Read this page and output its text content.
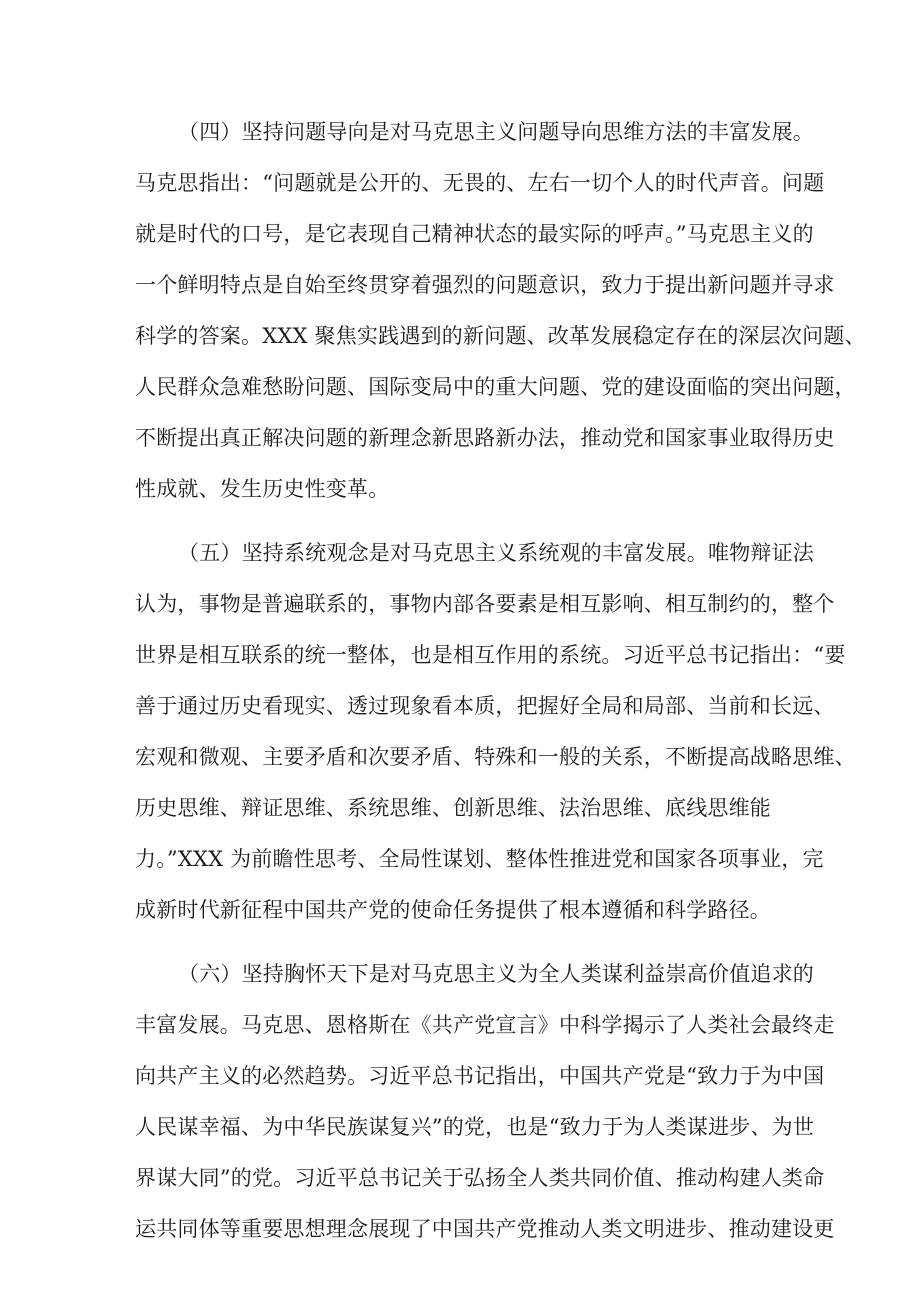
（四）坚持问题导向是对马克思主义问题导向思维方法的丰富发展。
马克思指出：“问题就是公开的、无畏的、左右一切个人的时代声音。问题
就是时代的口号，是它表现自己精神状态的最实际的呼声。”马克思主义的
一个鲜明特点是自始至终贯穿着强烈的问题意识，致力于提出新问题并寻求
科学的答案。XXX 聚焦实践遇到的新问题、改革发展稳定存在的深层次问题、
人民群众急难愁盼问题、国际变局中的重大问题、党的建设面临的突出问题，
不断提出真正解决问题的新理念新思路新办法，推动党和国家事业取得历史
性成就、发生历史性变革。
（五）坚持系统观念是对马克思主义系统观的丰富发展。唯物辩证法
认为，事物是普遍联系的，事物内部各要素是相互影响、相互制约的，整个
世界是相互联系的统一整体，也是相互作用的系统。习近平总书记指出：“要
善于通过历史看现实、透过现象看本质，把握好全局和局部、当前和长远、
宏观和微观、主要矛盾和次要矛盾、特殊和一般的关系，不断提高战略思维、
历史思维、辩证思维、系统思维、创新思维、法治思维、底线思维能
力。”XXX 为前瞻性思考、全局性谋划、整体性推进党和国家各项事业，完
成新时代新征程中国共产党的使命任务提供了根本遵循和科学路径。
（六）坚持胸怀天下是对马克思主义为全人类谋利益崇高价值追求的
丰富发展。马克思、恩格斯在《共产党宣言》中科学揭示了人类社会最终走
向共产主义的必然趋势。习近平总书记指出，中国共产党是“致力于为中国
人民谋幸福、为中华民族谋复兴”的党，也是“致力于为人类谋进步、为世
界谋大同”的党。习近平总书记关于弘扬全人类共同价值、推动构建人类命
运共同体等重要思想理念展现了中国共产党推动人类文明进步、推动建设更
